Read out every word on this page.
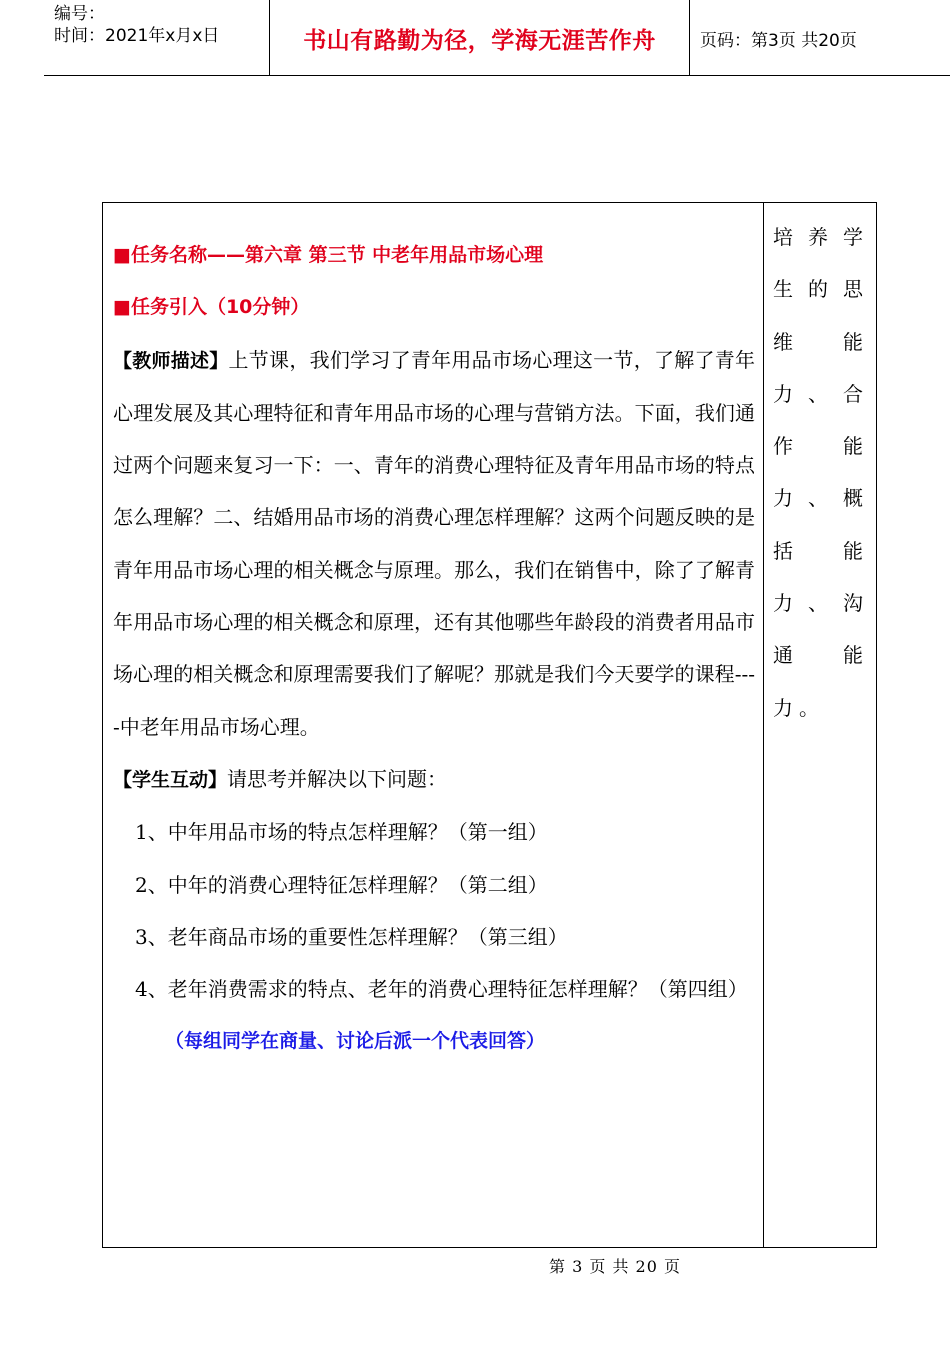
编号：
时间：2021年x月x日	书山有路勤为径，学海无涯苦作舟	页码：第3页 共20页

■任务名称——第六章 第三节 中老年用品市场心理

■任务引入（10分钟）

【教师描述】上节课，我们学习了青年用品市场心理这一节，了解了青年心理发展及其心理特征和青年用品市场的心理与营销方法。下面，我们通过两个问题来复习一下：一、青年的消费心理特征及青年用品市场的特点怎么理解？二、结婚用品市场的消费心理怎样理解？这两个问题反映的是青年用品市场心理的相关概念与原理。那么，我们在销售中，除了了解青年用品市场心理的相关概念和原理，还有其他哪些年龄段的消费者用品市场心理的相关概念和原理需要我们了解呢？那就是我们今天要学的课程----中老年用品市场心理。

【学生互动】请思考并解决以下问题：

1、中年用品市场的特点怎样理解？（第一组）

2、中年的消费心理特征怎样理解？（第二组）

3、老年商品市场的重要性怎样理解？（第三组）

4、老年消费需求的特点、老年的消费心理特征怎样理解？（第四组）

（每组同学在商量、讨论后派一个代表回答）

培养学生的思维能力、合作能力、概括能力、沟通能力。
第 3 页 共 20 页
